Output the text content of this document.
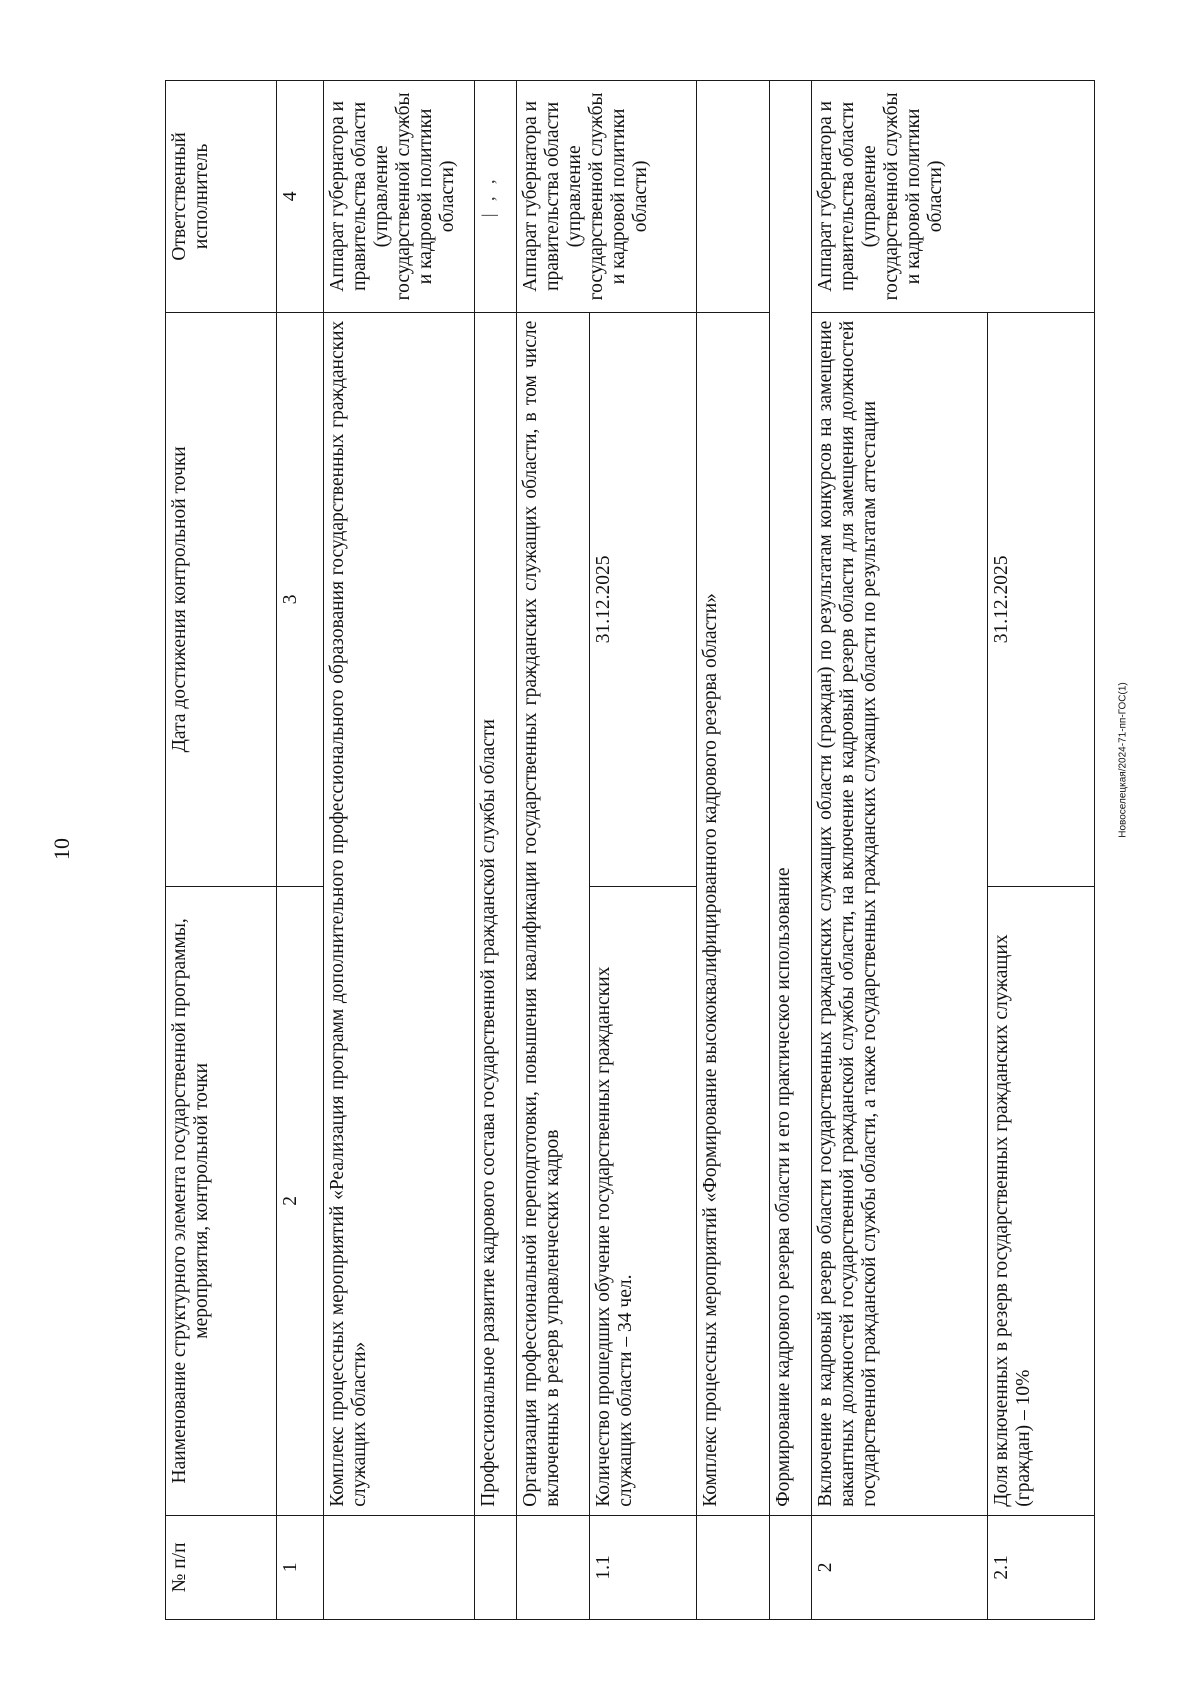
10
Новоселецкая/2024-71-пп-ГОС(1)
№ п/п	Наименование структурного элемента государственной программы, мероприятия, контрольной точки	Дата достижения контрольной точки	Ответственный исполнитель
1	2	3	4
	Комплекс процессных мероприятий «Реализация программ дополнительного профессионального образования государственных гражданских служащих области»		Аппарат губернатора и правительства области (управление государственной службы и кадровой политики области)
	Профессиональное развитие кадрового состава государственной гражданской службы области		| , ,
	Организация профессиональной переподготовки, повышения квалификации государственных гражданских служащих области, в том числе включенных в резерв управленческих кадров		Аппарат губернатора и правительства области (управление государственной службы и кадровой политики области)
1.1	Количество прошедших обучение государственных гражданских служащих области – 34 чел.	31.12.2025	
	Комплекс процессных мероприятий «Формирование высококвалифицированного кадрового резерва области»		
	Формирование кадрового резерва области и его практическое использование		
2	Включение в кадровый резерв области государственных гражданских служащих области (граждан) по результатам конкурсов на замещение вакантных должностей государственной гражданской службы области, на включение в кадровый резерв области для замещения должностей государственной гражданской службы области, а также государственных гражданских служащих области по результатам аттестации		Аппарат губернатора и правительства области (управление государственной службы и кадровой политики области)
2.1	Доля включенных в резерв государственных гражданских служащих (граждан) – 10%	31.12.2025	
